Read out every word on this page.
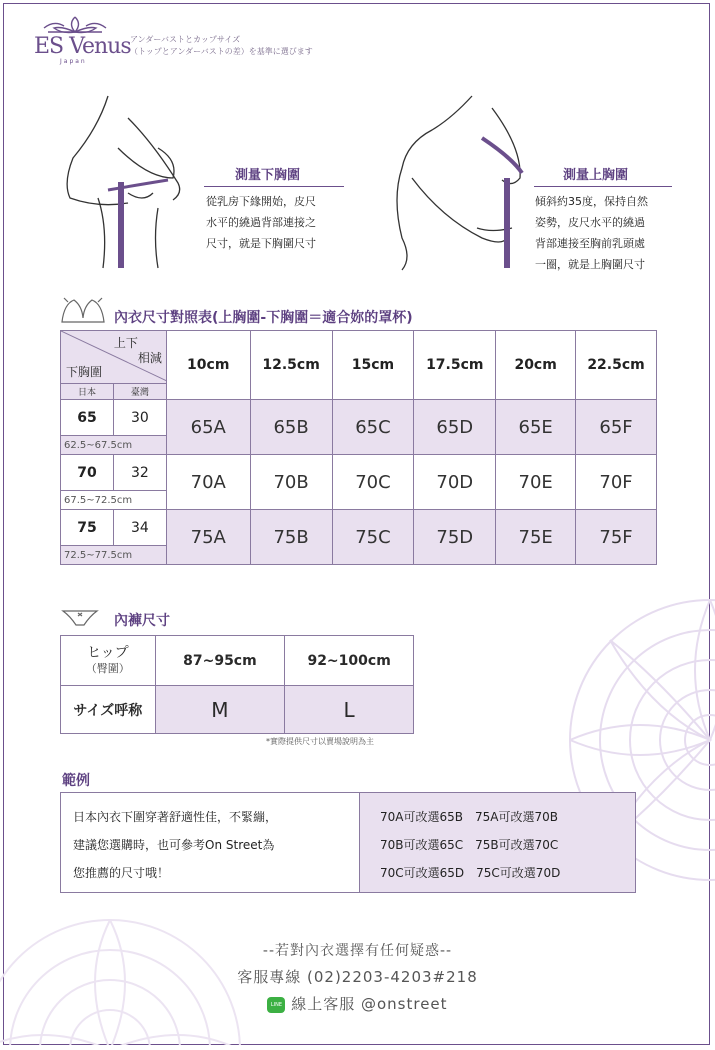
ES Venus
Japan
アンダーバストとカップサイズ
（トップとアンダーバストの差）を基準に選びます
測量下胸圍
從乳房下緣開始，皮尺
水平的繞過背部連接之
尺寸，就是下胸圍尺寸
測量上胸圍
傾斜約35度，保持自然
姿勢，皮尺水平的繞過
背部連接至胸前乳頭處
一圈，就是上胸圍尺寸
內衣尺寸對照表(上胸圍-下胸圍＝適合妳的罩杯)
上下
相減
下胸圍		10cm	12.5cm	15cm	17.5cm	20cm	22.5cm
日本	臺灣						
65	30	65A	65B	65C	65D	65E	65F
62.5~67.5cm							
70	32	70A	70B	70C	70D	70E	70F
67.5~72.5cm							
75	34	75A	75B	75C	75D	75E	75F
72.5~77.5cm							
內褲尺寸
ヒップ
（臀圍）	87~95cm	92~100cm
サイズ呼称	M	L
*實際提供尺寸以賣場說明為主
範例
日本內衣下圍穿著舒適性佳，不緊繃，
建議您選購時，也可參考On Street為
您推薦的尺寸哦！
70A可改選65B　75A可改選70B
70B可改選65C　75B可改選70C
70C可改選65D　75C可改選70D
--若對內衣選擇有任何疑惑--
客服專線 (02)2203-4203#218
LINE 線上客服 @onstreet
